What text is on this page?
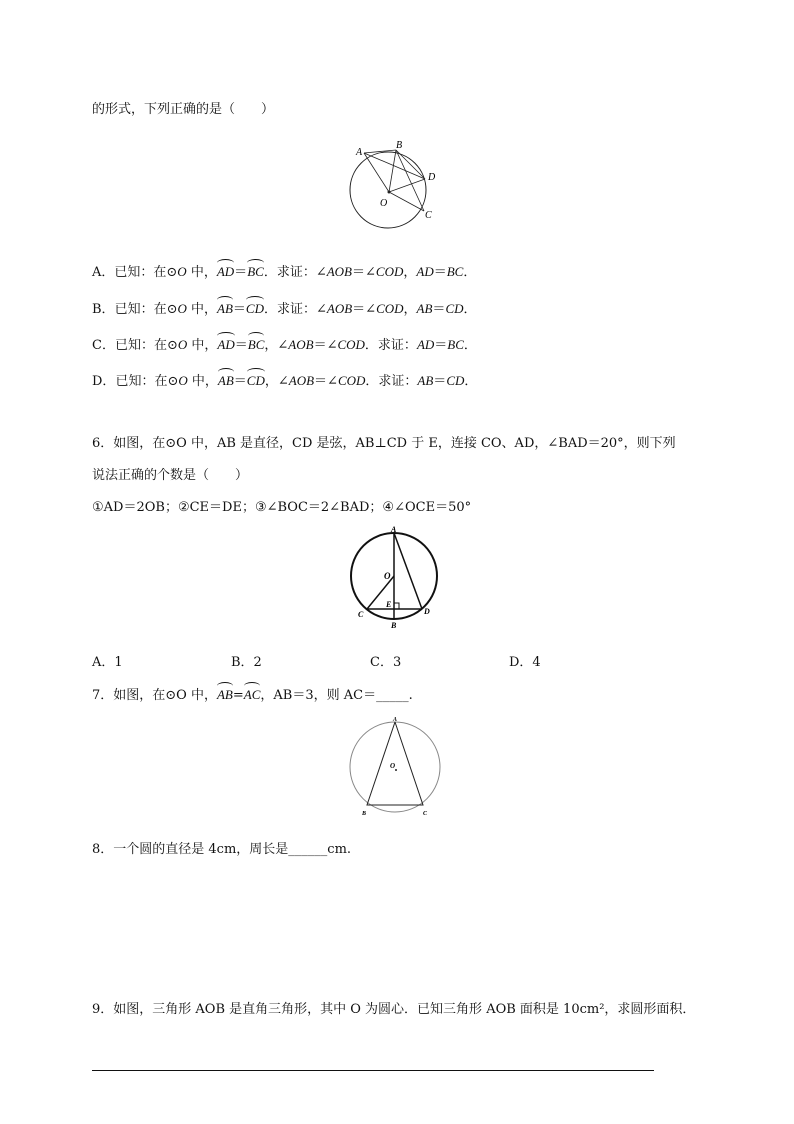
的形式，下列正确的是（　　）
A
B
D
C
O
A．已知：在⊙O 中，AD＝BC．求证：∠AOB＝∠COD，AD＝BC．
B．已知：在⊙O 中，AB＝CD．求证：∠AOB＝∠COD，AB＝CD．
C．已知：在⊙O 中，AD＝BC，∠AOB＝∠COD．求证：AD＝BC．
D．已知：在⊙O 中，AB＝CD，∠AOB＝∠COD．求证：AB＝CD．
6．如图，在⊙O 中，AB 是直径，CD 是弦，AB⊥CD 于 E，连接 CO、AD，∠BAD＝20°，则下列
说法正确的个数是（　　）
①AD＝2OB；②CE＝DE；③∠BOC＝2∠BAD；④∠OCE＝50°
A
O
E
C	D
B
A．1	B．2	C．3	D．4
7．如图，在⊙O 中，AB=AC，AB＝3，则 AC＝_____.
A
O
B	C
8．一个圆的直径是 4cm，周长是______cm.
9．如图，三角形 AOB 是直角三角形，其中 O 为圆心．已知三角形 AOB 面积是 10cm²，求圆形面积．
